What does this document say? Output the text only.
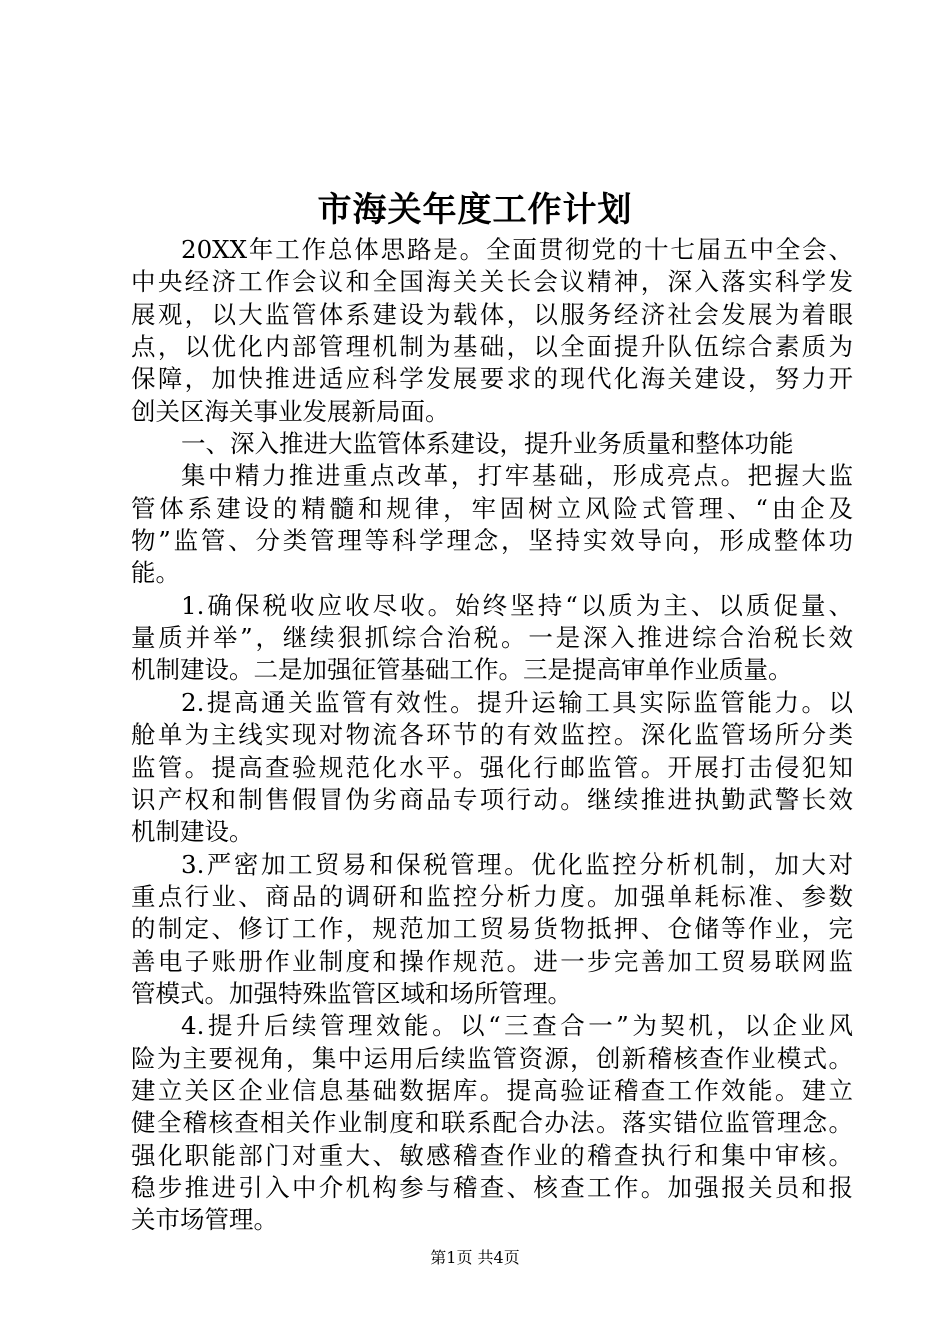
市海关年度工作计划
20XX年工作总体思路是。全面贯彻党的十七届五中全会、
中央经济工作会议和全国海关关长会议精神，深入落实科学发
展观，以大监管体系建设为载体，以服务经济社会发展为着眼
点，以优化内部管理机制为基础，以全面提升队伍综合素质为
保障，加快推进适应科学发展要求的现代化海关建设，努力开
创关区海关事业发展新局面。
一、深入推进大监管体系建设，提升业务质量和整体功能
集中精力推进重点改革，打牢基础，形成亮点。把握大监
管体系建设的精髓和规律，牢固树立风险式管理、“由企及
物”监管、分类管理等科学理念，坚持实效导向，形成整体功
能。
1.确保税收应收尽收。始终坚持“以质为主、以质促量、
量质并举”，继续狠抓综合治税。一是深入推进综合治税长效
机制建设。二是加强征管基础工作。三是提高审单作业质量。
2.提高通关监管有效性。提升运输工具实际监管能力。以
舱单为主线实现对物流各环节的有效监控。深化监管场所分类
监管。提高查验规范化水平。强化行邮监管。开展打击侵犯知
识产权和制售假冒伪劣商品专项行动。继续推进执勤武警长效
机制建设。
3.严密加工贸易和保税管理。优化监控分析机制，加大对
重点行业、商品的调研和监控分析力度。加强单耗标准、参数
的制定、修订工作，规范加工贸易货物抵押、仓储等作业，完
善电子账册作业制度和操作规范。进一步完善加工贸易联网监
管模式。加强特殊监管区域和场所管理。
4.提升后续管理效能。以“三查合一”为契机，以企业风
险为主要视角，集中运用后续监管资源，创新稽核查作业模式。
建立关区企业信息基础数据库。提高验证稽查工作效能。建立
健全稽核查相关作业制度和联系配合办法。落实错位监管理念。
强化职能部门对重大、敏感稽查作业的稽查执行和集中审核。
稳步推进引入中介机构参与稽查、核查工作。加强报关员和报
关市场管理。
第1页 共4页
